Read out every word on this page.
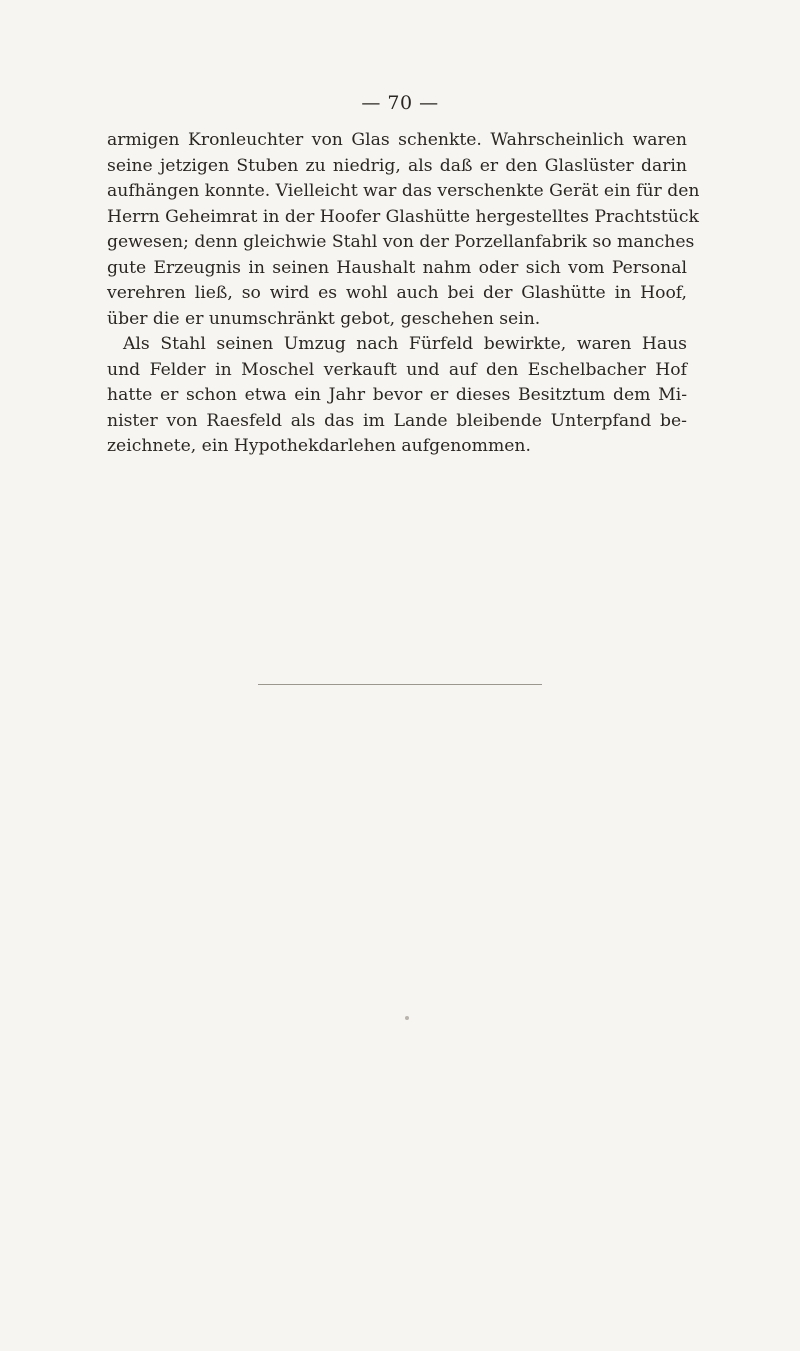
— 70 —
armigen Kronleuchter von Glas schenkte. Wahrscheinlich waren
seine jetzigen Stuben zu niedrig, als daß er den Glaslüster darin
aufhängen konnte. Vielleicht war das verschenkte Gerät ein für den
Herrn Geheimrat in der Hoofer Glashütte hergestelltes Prachtstück
gewesen; denn gleichwie Stahl von der Porzellanfabrik so manches
gute Erzeugnis in seinen Haushalt nahm oder sich vom Personal
verehren ließ, so wird es wohl auch bei der Glashütte in Hoof,
über die er unumschränkt gebot, geschehen sein.
Als Stahl seinen Umzug nach Fürfeld bewirkte, waren Haus
und Felder in Moschel verkauft und auf den Eschelbacher Hof
hatte er schon etwa ein Jahr bevor er dieses Besitztum dem Mi-
nister von Raesfeld als das im Lande bleibende Unterpfand be-
zeichnete, ein Hypothekdarlehen aufgenommen.
